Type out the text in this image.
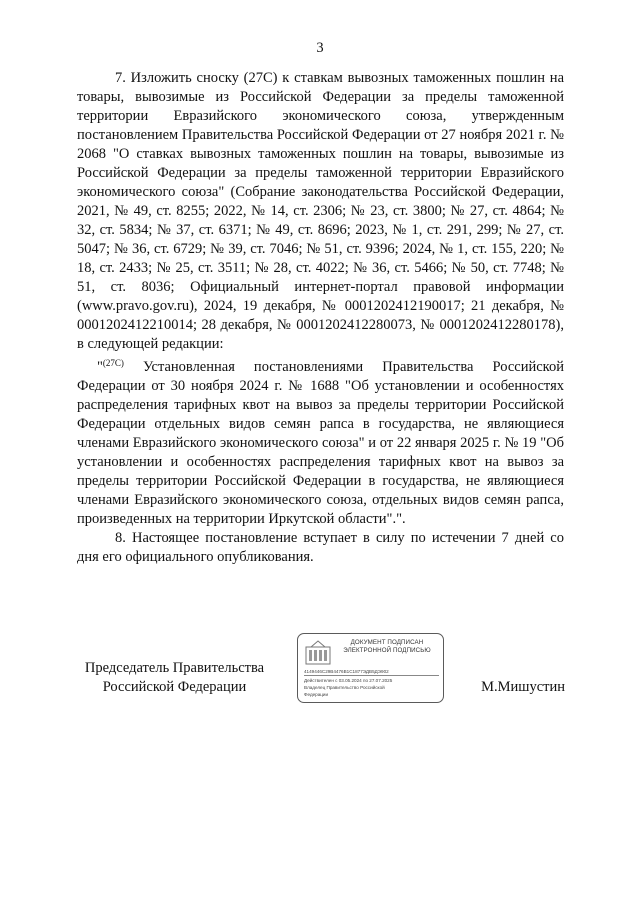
3

7. Изложить сноску (27С) к ставкам вывозных таможенных пошлин на товары, вывозимые из Российской Федерации за пределы таможенной территории Евразийского экономического союза, утвержденным постановлением Правительства Российской Федерации от 27 ноября 2021 г. № 2068 "О ставках вывозных таможенных пошлин на товары, вывозимые из Российской Федерации за пределы таможенной территории Евразийского экономического союза" (Собрание законодательства Российской Федерации, 2021, № 49, ст. 8255; 2022, № 14, ст. 2306; № 23, ст. 3800; № 27, ст. 4864; № 32, ст. 5834; № 37, ст. 6371; № 49, ст. 8696; 2023, № 1, ст. 291, 299; № 27, ст. 5047; № 36, ст. 6729; № 39, ст. 7046; № 51, ст. 9396; 2024, № 1, ст. 155, 220; № 18, ст. 2433; № 25, ст. 3511; № 28, ст. 4022; № 36, ст. 5466; № 50, ст. 7748; № 51, ст. 8036; Официальный интернет-портал правовой информации (www.pravo.gov.ru), 2024, 19 декабря, № 0001202412190017; 21 декабря, № 0001202412210014; 28 декабря, № 0001202412280073, № 0001202412280178), в следующей редакции:

"$^{(27С)}$ Установленная постановлениями Правительства Российской Федерации от 30 ноября 2024 г. № 1688 "Об установлении и особенностях распределения тарифных квот на вывоз за пределы территории Российской Федерации отдельных видов семян рапса в государства, не являющиеся членами Евразийского экономического союза" и от 22 января 2025 г. № 19 "Об установлении и особенностях распределения тарифных квот на вывоз за пределы территории Российской Федерации в государства, не являющиеся членами Евразийского экономического союза, отдельных видов семян рапса, произведенных на территории Иркутской области".".

8. Настоящее постановление вступает в силу по истечении 7 дней со дня его официального опубликования.

Председатель Правительства
Российской Федерации
ДОКУМЕНТ ПОДПИСАН
ЭЛЕКТРОННОЙ ПОДПИСЬЮ
4149446С29В4476В1С1877ЭДВ5ДЭ902
Действителен с 03.05.2024 по 27.07.2025
Владелец Правительство Российской
Федерации	М.Мишустин
